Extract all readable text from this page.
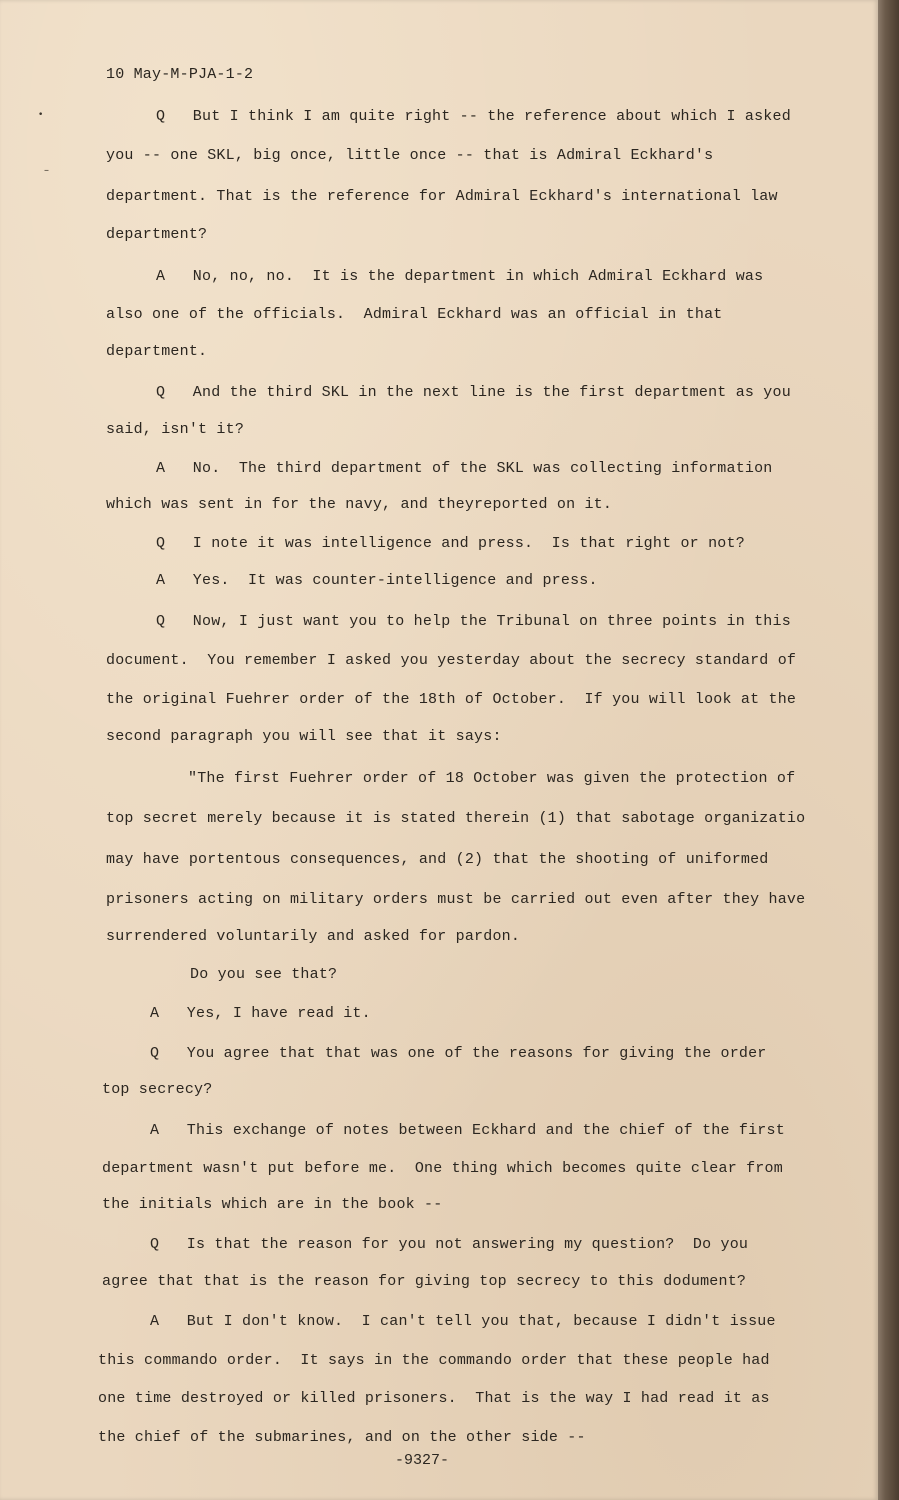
10 May-M-PJA-1-2
•
–
Q   But I think I am quite right -- the reference about which I asked
you -- one SKL, big once, little once -- that is Admiral Eckhard's
department. That is the reference for Admiral Eckhard's international law
department?
A   No, no, no.  It is the department in which Admiral Eckhard was
also one of the officials.  Admiral Eckhard was an official in that
department.
Q   And the third SKL in the next line is the first department as you
said, isn't it?
A   No.  The third department of the SKL was collecting information
which was sent in for the navy, and theyreported on it.
Q   I note it was intelligence and press.  Is that right or not?
A   Yes.  It was counter-intelligence and press.
Q   Now, I just want you to help the Tribunal on three points in this
document.  You remember I asked you yesterday about the secrecy standard of
the original Fuehrer order of the 18th of October.  If you will look at the
second paragraph you will see that it says:
"The first Fuehrer order of 18 October was given the protection of
top secret merely because it is stated therein (1) that sabotage organizatio
may have portentous consequences, and (2) that the shooting of uniformed
prisoners acting on military orders must be carried out even after they have
surrendered voluntarily and asked for pardon.
Do you see that?
A   Yes, I have read it.
Q   You agree that that was one of the reasons for giving the order
top secrecy?
A   This exchange of notes between Eckhard and the chief of the first
department wasn't put before me.  One thing which becomes quite clear from
the initials which are in the book --
Q   Is that the reason for you not answering my question?  Do you
agree that that is the reason for giving top secrecy to this dodument?
A   But I don't know.  I can't tell you that, because I didn't issue
this commando order.  It says in the commando order that these people had
one time destroyed or killed prisoners.  That is the way I had read it as
the chief of the submarines, and on the other side --
-9327-
